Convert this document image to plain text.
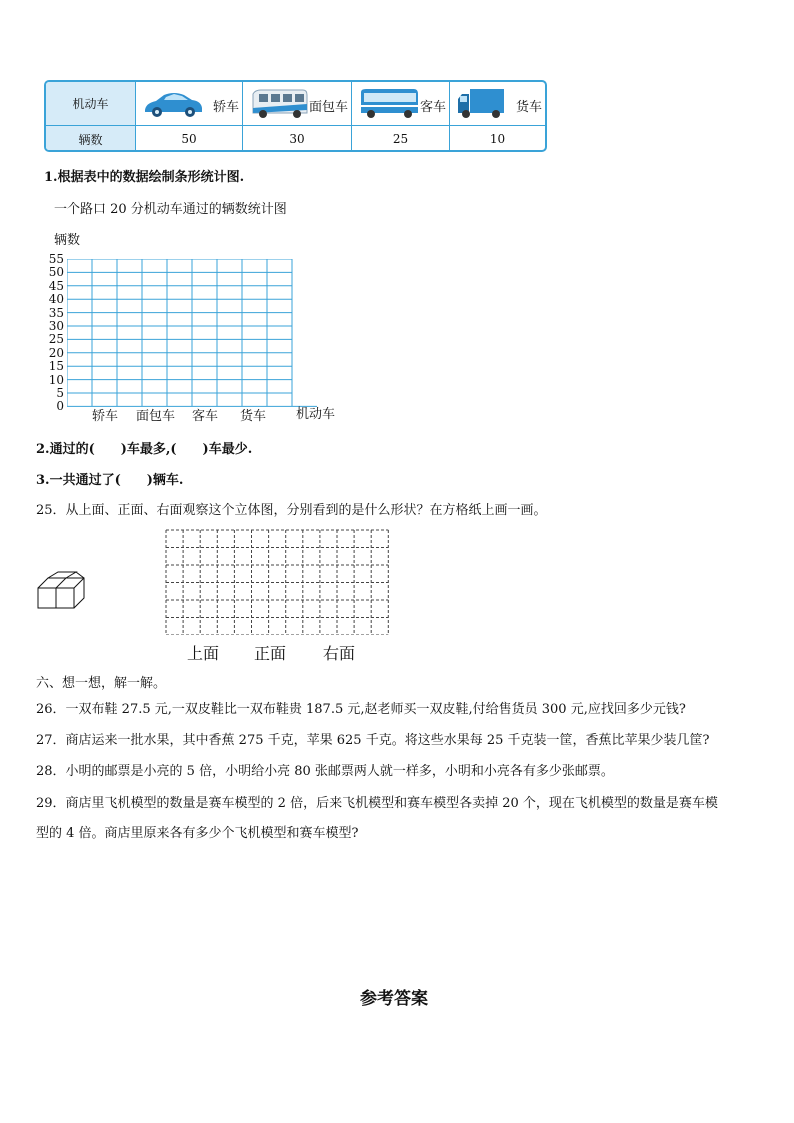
机动车	轿车	面包车	客车	货车
辆数	50	30	25	10
1.根据表中的数据绘制条形统计图.
一个路口 20 分机动车通过的辆数统计图
辆数
55
50
45
40
35
30
25
20
15
10
5
0
轿车 面包车 客车 货车 机动车
2.通过的(　　)车最多,(　　)车最少.
3.一共通过了(　　)辆车.
25．从上面、正面、右面观察这个立体图，分别看到的是什么形状？在方格纸上画一画。
上面 正面 右面
六、想一想，解一解。
26．一双布鞋 27.5 元,一双皮鞋比一双布鞋贵 187.5 元,赵老师买一双皮鞋,付给售货员 300 元,应找回多少元钱?
27．商店运来一批水果，其中香蕉 275 千克，苹果 625 千克。将这些水果每 25 千克装一筐，香蕉比苹果少装几筐?
28．小明的邮票是小亮的 5 倍，小明给小亮 80 张邮票两人就一样多，小明和小亮各有多少张邮票。
29．商店里飞机模型的数量是赛车模型的 2 倍，后来飞机模型和赛车模型各卖掉 20 个，现在飞机模型的数量是赛车模
型的 4 倍。商店里原来各有多少个飞机模型和赛车模型?
参考答案
